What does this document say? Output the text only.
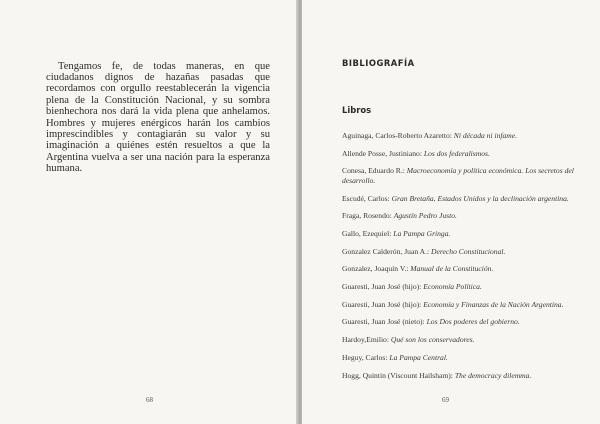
Tengamos fe, de todas maneras, en que ciudadanos dignos de hazañas pasadas que recordamos con orgullo reestablecerán la vigencia plena de la Constitución Nacional, y su sombra bienhechora nos dará la vida plena que anhelamos. Hombres y mujeres enérgicos harán los cambios imprescindibles y contagiarán su valor y su imaginación a quiénes estén resueltos a que la Argentina vuelva a ser una nación para la esperanza humana.

68
BIBLIOGRAFÍA
Libros
Aguinaga, Carlos-Roberto Azaretto: Ni década ni infame.
Allende Posse, Justiniano: Los dos federalismos.
Conesa, Eduardo R.: Macroeconomía y política económica. Los secretos del desarrollo.
Escudé, Carlos: Gran Bretaña, Estados Unidos y la declinación argentina.
Fraga, Rosendo: Agustín Pedro Justo.
Gallo, Ezequiel: La Pampa Gringa.
Gonzalez Calderón, Juan A.: Derecho Constitucional.
Gonzalez, Joaquín V.: Manual de la Constitución.
Guaresti, Juan José (hijo): Economía Política.
Guaresti, Juan José (hijo): Economía y Finanzas de la Nación Argentina.
Guaresti, Juan José (nieto): Los Dos poderes del gobierno.
Hardoy,Emilio: Qué son los conservadores.
Heguy, Carlos: La Pampa Central.
Hogg, Quintin (Viscount Hailsham): The democracy dilemma.
69
